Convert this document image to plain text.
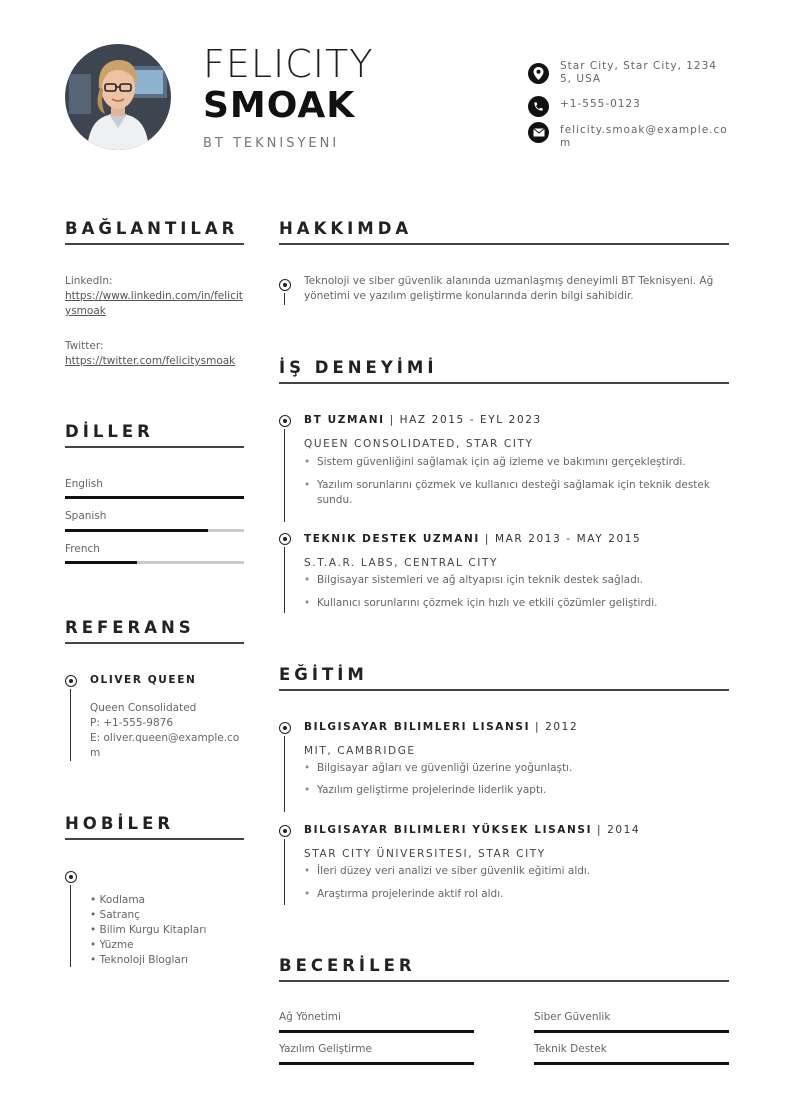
FELICITY
SMOAK
BT TEKNISYENI
Star City, Star City, 12345, USA
+1-555-0123
felicity.smoak@example.com
BAĞLANTILAR
LinkedIn:
https://www.linkedin.com/in/felicitysmoak
Twitter:
https://twitter.com/felicitysmoak
DİLLER
English
Spanish
French
REFERANS
OLIVER QUEEN
Queen Consolidated
P: +1-555-9876
E: oliver.queen@example.com
HOBİLER
• Kodlama
• Satranç
• Bilim Kurgu Kitapları
• Yüzme
• Teknoloji Blogları
HAKKIMDA
Teknoloji ve siber güvenlik alanında uzmanlaşmış deneyimli BT Teknisyeni. Ağ yönetimi ve yazılım geliştirme konularında derin bilgi sahibidir.
İŞ DENEYİMİ
BT UZMANI | HAZ 2015 - EYL 2023
QUEEN CONSOLIDATED, STAR CITY
• Sistem güvenliğini sağlamak için ağ izleme ve bakımını gerçekleştirdi.
• Yazılım sorunlarını çözmek ve kullanıcı desteği sağlamak için teknik destek sundu.
TEKNIK DESTEK UZMANI | MAR 2013 - MAY 2015
S.T.A.R. LABS, CENTRAL CITY
• Bilgisayar sistemleri ve ağ altyapısı için teknik destek sağladı.
• Kullanıcı sorunlarını çözmek için hızlı ve etkili çözümler geliştirdi.
EĞİTİM
BILGISAYAR BILIMLERI LISANSI | 2012
MIT, CAMBRIDGE
• Bilgisayar ağları ve güvenliği üzerine yoğunlaştı.
• Yazılım geliştirme projelerinde liderlik yaptı.
BILGISAYAR BILIMLERI YÜKSEK LISANSI | 2014
STAR CITY ÜNIVERSITESI, STAR CITY
• İleri düzey veri analizi ve siber güvenlik eğitimi aldı.
• Araştırma projelerinde aktif rol aldı.
BECERİLER
Ağ Yönetimi	Siber Güvenlik
Yazılım Geliştirme	Teknik Destek
